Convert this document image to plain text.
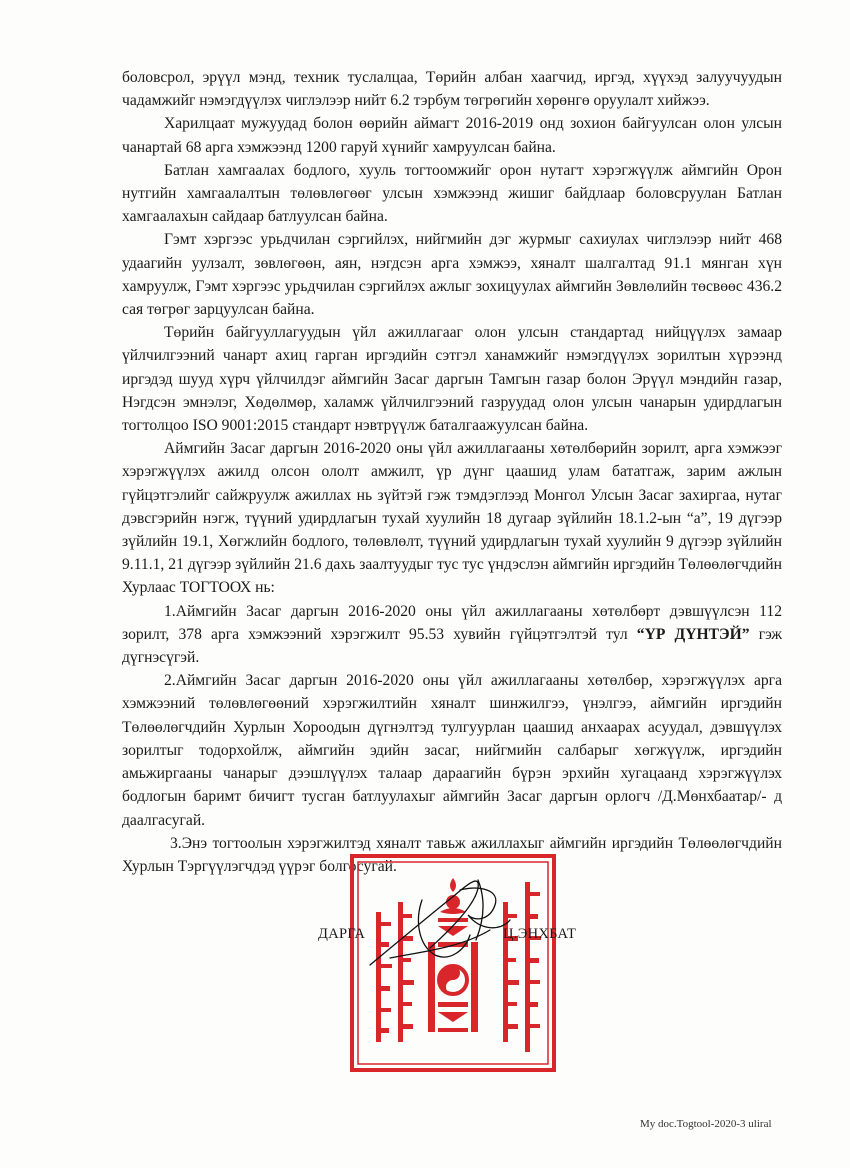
боловсрол, эрүүл мэнд, техник туслалцаа, Төрийн албан хаагчид, иргэд, хүүхэд залуучуудын чадамжийг нэмэгдүүлэх чиглэлээр нийт 6.2 тэрбум төгрөгийн хөрөнгө оруулалт хийжээ.

Харилцаат мужуудад болон өөрийн аймагт 2016-2019 онд зохион байгуулсан олон улсын чанартай 68 арга хэмжээнд 1200 гаруй хүнийг хамруулсан байна.

Батлан хамгаалах бодлого, хууль тогтоомжийг орон нутагт хэрэгжүүлж аймгийн Орон нутгийн хамгаалалтын төлөвлөгөөг улсын хэмжээнд жишиг байдлаар боловсруулан Батлан хамгаалахын сайдаар батлуулсан байна.

Гэмт хэргээс урьдчилан сэргийлэх, нийгмийн дэг журмыг сахиулах чиглэлээр нийт 468 удаагийн уулзалт, зөвлөгөөн, аян, нэгдсэн арга хэмжээ, хяналт шалгалтад 91.1 мянган хүн хамруулж, Гэмт хэргээс урьдчилан сэргийлэх ажлыг зохицуулах аймгийн Зөвлөлийн төсвөөс 436.2 сая төгрөг зарцуулсан байна.

Төрийн байгууллагуудын үйл ажиллагааг олон улсын стандартад нийцүүлэх замаар үйлчилгээний чанарт ахиц гарган иргэдийн сэтгэл ханамжийг нэмэгдүүлэх зорилтын хүрээнд иргэдэд шууд хүрч үйлчилдэг аймгийн Засаг даргын Тамгын газар болон Эрүүл мэндийн газар, Нэгдсэн эмнэлэг, Хөдөлмөр, халамж үйлчилгээний газруудад олон улсын чанарын удирдлагын тогтолцоо ISO 9001:2015 стандарт нэвтрүүлж баталгаажуулсан байна.

Аймгийн Засаг даргын 2016-2020 оны үйл ажиллагааны хөтөлбөрийн зорилт, арга хэмжээг хэрэгжүүлэх ажилд олсон ололт амжилт, үр дүнг цаашид улам бататгаж, зарим ажлын гүйцэтгэлийг сайжруулж ажиллах нь зүйтэй гэж тэмдэглээд Монгол Улсын Засаг захиргаа, нутаг дэвсгэрийн нэгж, түүний удирдлагын тухай хуулийн 18 дугаар зүйлийн 18.1.2-ын “а”, 19 дүгээр зүйлийн 19.1, Хөгжлийн бодлого, төлөвлөлт, түүний удирдлагын тухай хуулийн 9 дүгээр зүйлийн 9.11.1, 21 дүгээр зүйлийн 21.6 дахь заалтуудыг тус тус үндэслэн аймгийн иргэдийн Төлөөлөгчдийн Хурлаас ТОГТООХ нь:

1.Аймгийн Засаг даргын 2016-2020 оны үйл ажиллагааны хөтөлбөрт дэвшүүлсэн 112 зорилт, 378 арга хэмжээний хэрэгжилт 95.53 хувийн гүйцэтгэлтэй тул “ҮР ДҮНТЭЙ” гэж дүгнэсүгэй.

2.Аймгийн Засаг даргын 2016-2020 оны үйл ажиллагааны хөтөлбөр, хэрэгжүүлэх арга хэмжээний төлөвлөгөөний хэрэгжилтийн хяналт шинжилгээ, үнэлгээ, аймгийн иргэдийн Төлөөлөгчдийн Хурлын Хороодын дүгнэлтэд тулгуурлан цаашид анхаарах асуудал, дэвшүүлэх зорилтыг тодорхойлж, аймгийн эдийн засаг, нийгмийн салбарыг хөгжүүлж, иргэдийн амьжиргааны чанарыг дээшлүүлэх талаар дараагийн бүрэн эрхийн хугацаанд хэрэгжүүлэх бодлогын баримт бичигт тусган батлуулахыг аймгийн Засаг даргын орлогч /Д.Мөнхбаатар/- д даалгасугай.

3.Энэ тогтоолын хэрэгжилтэд хяналт тавьж ажиллахыг аймгийн иргэдийн Төлөөлөгчдийн Хурлын Тэргүүлэгчдэд үүрэг болгосугай.

ДАРГА	Ц.ЭНХБАТ
My doc.Togtool-2020-3 uliral
